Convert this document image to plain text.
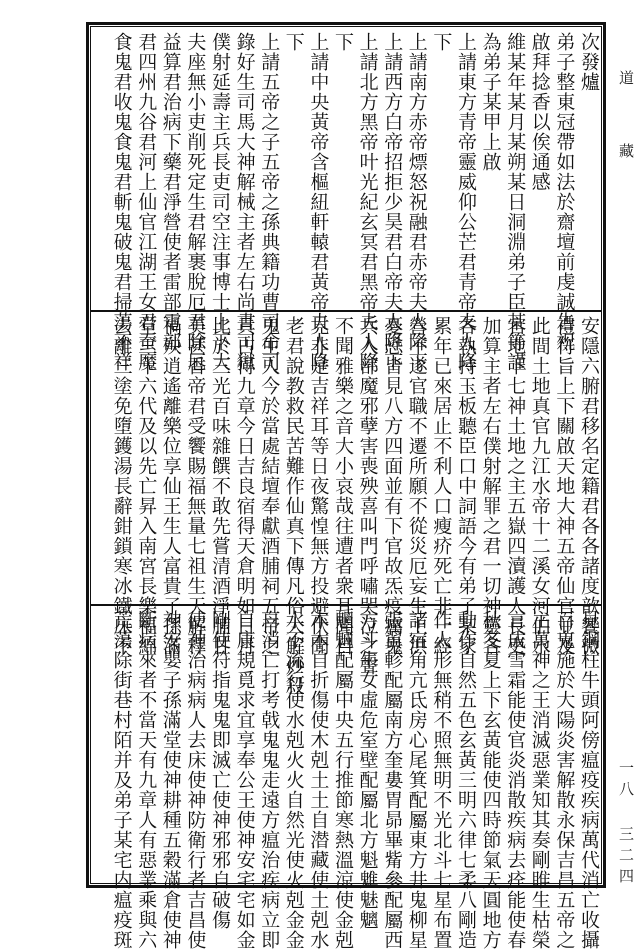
道 藏
一八 三二四
次發爐
弟子整東冠帶如法於齋壇前虔誠告祝
啟拜捻香以俟通感
維某年某月某朔某日洞淵弟子臣某等謹
為弟子某甲上啟
上請東方青帝靈威仰公芒君青帝夫人降
下
上請南方赤帝熛怒祝融君赤帝夫人降下
上請西方白帝招拒少昊君白帝夫人降下
上請北方黑帝叶光紀玄冥君黑帝夫人降
下
上請中央黃帝含樞紐軒轅君黃帝夫人降
下
上請五帝之子五帝之孫典籍功曹司命司
錄好生司馬大神解械主者左右尚書司獄
僕射延壽主兵長吏司空注事博士上下大
夫座無小吏削死定生君解裹脫厄君除厄
益算君治病下藥君淨營使者雷部電部
君四州九谷君河上仙官江湖王女君蚕魔
食鬼君收鬼食鬼君斬鬼破鬼君掃蕩不祥
安隱六腑君移名定籍君各各諸度歆饗微
禮符旨上下關啟天地大神五帝仙官並及
此間土地真官九江水帝十二溪女河伯水
官地下七神土地之主五嶽四瀆護人長吏
加算主者左右僕射解罪之君一切神靈各
各執持玉板聽臣口中詞語今有弟子某家
累年已來居止不利人口瘦疥死亡非一經
營不遂官職不遷所願不從災厄妄生上洪
憂恐皆見八方四面並有下官故炁疫癘鬼
兵入部魔邪孽害喪殃喜叫門呼嘯哭泣之聲
不聞雅樂之音大小哀哉往遭者衆耳聞目
見非是吉祥耳等日夜驚惶無方投避伏聞
老君說教救民苦難作仙真下傳凡俗大解炒殺
鬼生人今於當處結壇奉獻酒脯祠五帝之
具占得九章今日吉良宿得天倉明如日月
比於三光百味雜饌不敢先嘗清酒淨脯甘
美甚香帝君受饗賜福無量七祖生天解釋
禍殃逍遙離樂位享仙王生人富貴子孫滿
堂三十六代及以先亡昇入南宮長樂福綿
去離三塗免墮鑊湯長辭鉗鎖寒冰鐵床不
見鋼柱牛頭阿傍瘟疫疾病萬代消亡收攝
百鬼施於大陽炎害解散永保吉昌五帝之
主萬神之王消滅惡業知其奏剛睢生枯榮
言成雪霜能使官炎消散疾病去痊能使春
秋冬夏上下玄黃能使四時節氣天圓地方
動作自然五色玄黃三明六律七柔八剛造
作人形無稍不照無明不光北斗七星布置
諸宿角亢氐房心尾箕配屬東方井鬼柳星
張翼軫配屬南方奎婁胃昴畢觜參配屬西
方斗牛女虛危室壁配屬北方魁魋魅魑
魍魎配屬中央五行推節寒熱溫涼使金剋
木木自折傷使木剋土土自潜藏使土剋水
水不流行使水剋火火自然光使火剋金金
自消亡打考戟鬼鬼走遠方瘟治疾病立即
自康規覓求宜享奉公王使神安宅宅如金
剛使符指鬼鬼即滅亡使神邪邪自破傷
使神治病病人去床使神防衛行者吉昌使
神安嬰子孫滿堂使神耕種五穀滿倉使神
斷病來者不當天有九章人有惡業乘與六
荒蕩除街巷村陌并及弟子某宅内瘟疫斑
